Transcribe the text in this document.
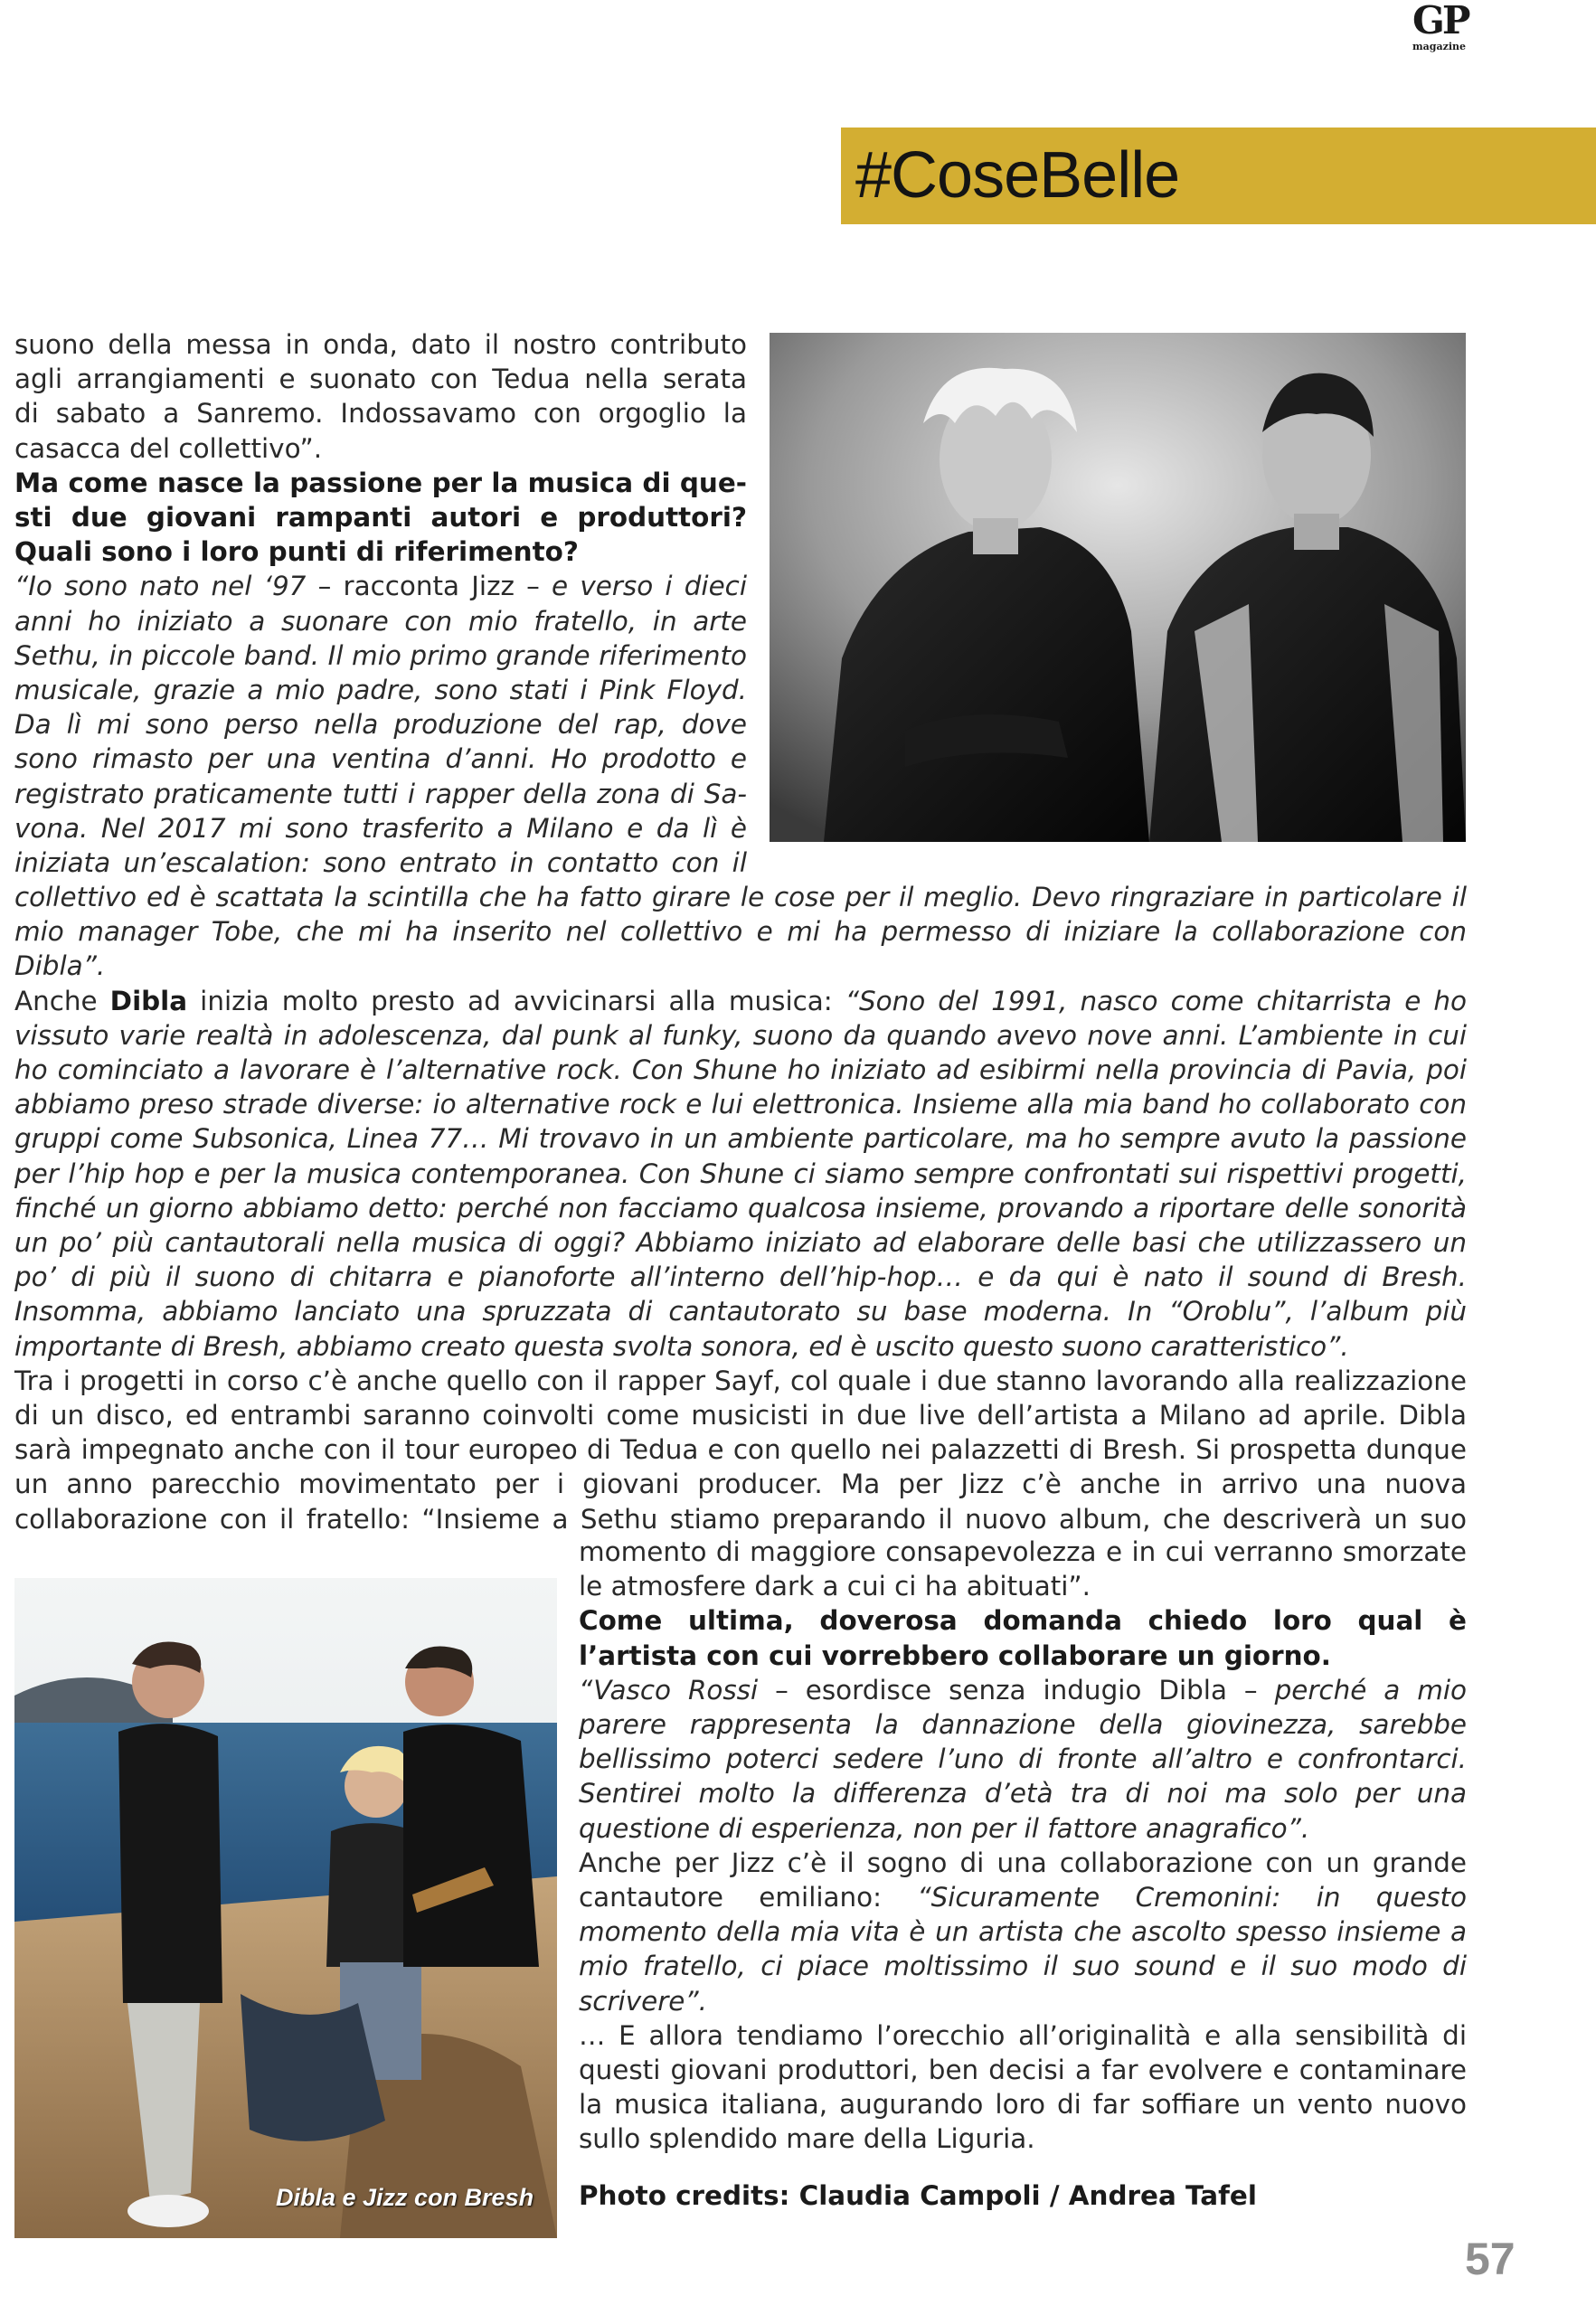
GP
magazine
#CoseBelle

suono della messa in onda, dato il nostro contributo

agli arrangiamenti e suonato con Tedua nella serata

di sabato a Sanremo. Indossavamo con orgoglio la

casacca del collettivo”.

Ma come nasce la passione per la musica di que-

sti due giovani rampanti autori e produttori?

Quali sono i loro punti di riferimento?

“Io sono nato nel ‘97 – racconta Jizz – e verso i dieci

anni ho iniziato a suonare con mio fratello, in arte

Sethu, in piccole band. Il mio primo grande riferimento

musicale, grazie a mio padre, sono stati i Pink Floyd.

Da lì mi sono perso nella produzione del rap, dove

sono rimasto per una ventina d’anni. Ho prodotto e

registrato praticamente tutti i rapper della zona di Sa-

vona. Nel 2017 mi sono trasferito a Milano e da lì è

iniziata un’escalation: sono entrato in contatto con il

collettivo ed è scattata la scintilla che ha fatto girare le cose per il meglio. Devo ringraziare in particolare il mio manager Tobe, che mi ha inserito nel collettivo e mi ha permesso di iniziare la collaborazione con Dibla”.

Anche Dibla inizia molto presto ad avvicinarsi alla musica: “Sono del 1991, nasco come chitarrista e ho vissuto varie realtà in adolescenza, dal punk al funky, suono da quando avevo nove anni. L’ambiente in cui ho cominciato a lavorare è l’alternative rock. Con Shune ho iniziato ad esibirmi nella provincia di Pavia, poi abbiamo preso strade diverse: io alternative rock e lui elettronica. Insieme alla mia band ho collaborato con gruppi come Subsonica, Linea 77… Mi trovavo in un ambiente particolare, ma ho sempre avuto la passione per l’hip hop e per la musica contemporanea. Con Shune ci siamo sempre confrontati sui rispettivi progetti, finché un giorno abbiamo detto: perché non facciamo qualcosa insieme, provando a riportare delle sonorità un po’ più cantautorali nella musica di oggi? Abbiamo iniziato ad elaborare delle basi che utilizzassero un po’ di più il suono di chitarra e pianoforte all’interno dell’hip-hop… e da qui è nato il sound di Bresh. Insomma, abbiamo lanciato una spruzzata di cantautorato su base moderna. In “Oroblu”, l’album più importante di Bresh, abbiamo creato questa svolta sonora, ed è uscito questo suono caratteristico”.

Tra i progetti in corso c’è anche quello con il rapper Sayf, col quale i due stanno lavorando alla realizzazione di un disco, ed entrambi saranno coinvolti come musicisti in due live dell’artista a Milano ad aprile. Dibla sarà impegnato anche con il tour europeo di Tedua e con quello nei palazzetti di Bresh. Si prospetta dunque un anno parecchio movimentato per i giovani producer. Ma per Jizz c’è anche in arrivo una nuova

collaborazione con il fratello: “Insieme a Sethu stiamo preparando il nuovo album, che descriverà un suo

Dibla e Jizz con Bresh

momento di maggiore consapevolezza e in cui verranno smorzate le atmosfere dark a cui ci ha abituati”.

Come ultima, doverosa domanda chiedo loro qual è l’artista con cui vorrebbero collaborare un giorno.

“Vasco Rossi – esordisce senza indugio Dibla – perché a mio parere rappresenta la dannazione della giovinezza, sarebbe bellissimo poterci sedere l’uno di fronte all’altro e confrontarci. Sentirei molto la differenza d’età tra di noi ma solo per una questione di esperienza, non per il fattore anagrafico”.

Anche per Jizz c’è il sogno di una collaborazione con un grande cantautore emiliano: “Sicuramente Cremonini: in questo momento della mia vita è un artista che ascolto spesso insieme a mio fratello, ci piace moltissimo il suo sound e il suo modo di scrivere”.

… E allora tendiamo l’orecchio all’originalità e alla sensibilità di questi giovani produttori, ben decisi a far evolvere e contaminare la musica italiana, augurando loro di far soffiare un vento nuovo sullo splendido mare della Liguria.

Photo credits: Claudia Campoli / Andrea Tafel

57
